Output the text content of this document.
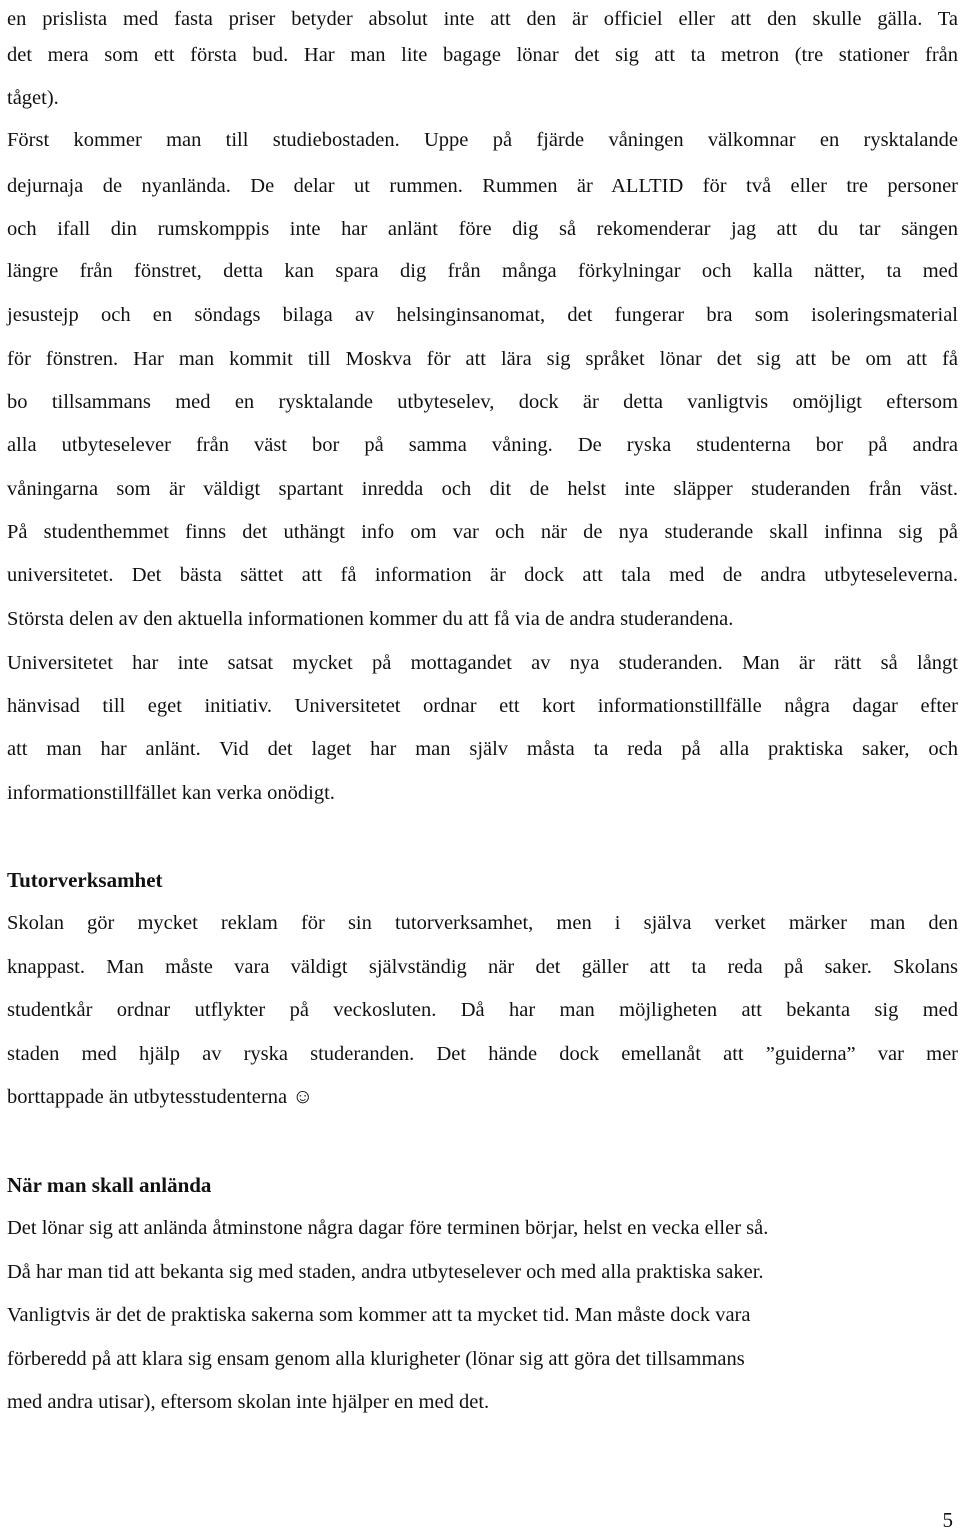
en prislista med fasta priser betyder absolut inte att den är officiel eller att den skulle gälla. Ta
det mera som ett första bud. Har man lite bagage lönar det sig att ta metron (tre stationer från
tåget).
Först kommer man till studiebostaden. Uppe på fjärde våningen välkomnar en rysktalande
dejurnaja de nyanlända. De delar ut rummen. Rummen är ALLTID för två eller tre personer
och ifall din rumskomppis inte har anlänt före dig så rekomenderar jag att du tar sängen
längre från fönstret, detta kan spara dig från många förkylningar och kalla nätter, ta med
jesustejp och en söndags bilaga av helsinginsanomat, det fungerar bra som isoleringsmaterial
för fönstren. Har man kommit till Moskva för att lära sig språket lönar det sig att be om att få
bo tillsammans med en rysktalande utbyteselev, dock är detta vanligtvis omöjligt eftersom
alla utbyteselever från väst bor på samma våning. De ryska studenterna bor på andra
våningarna som är väldigt spartant inredda och dit de helst inte släpper studeranden från väst.
På studenthemmet finns det uthängt info om var och när de nya studerande skall infinna sig på
universitetet. Det bästa sättet att få information är dock att tala med de andra utbyteseleverna.
Största delen av den aktuella informationen kommer du att få via de andra studerandena.
Universitetet har inte satsat mycket på mottagandet av nya studeranden. Man är rätt så långt
hänvisad till eget initiativ. Universitetet ordnar ett kort informationstillfälle några dagar efter
att man har anlänt. Vid det laget har man själv måsta ta reda på alla praktiska saker, och
informationstillfället kan verka onödigt.
Tutorverksamhet
Skolan gör mycket reklam för sin tutorverksamhet, men i själva verket märker man den
knappast. Man måste vara väldigt självständig när det gäller att ta reda på saker. Skolans
studentkår ordnar utflykter på veckosluten. Då har man möjligheten att bekanta sig med
staden med hjälp av ryska studeranden. Det hände dock emellanåt att ”guiderna” var mer
borttappade än utbytesstudenterna ☺
När man skall anlända
Det lönar sig att anlända åtminstone några dagar före terminen börjar, helst en vecka eller så.
Då har man tid att bekanta sig med staden, andra utbyteselever och med alla praktiska saker.
Vanligtvis är det de praktiska sakerna som kommer att ta mycket tid. Man måste dock vara
förberedd på att klara sig ensam genom alla klurigheter (lönar sig att göra det tillsammans
med andra utisar), eftersom skolan inte hjälper en med det.
5
